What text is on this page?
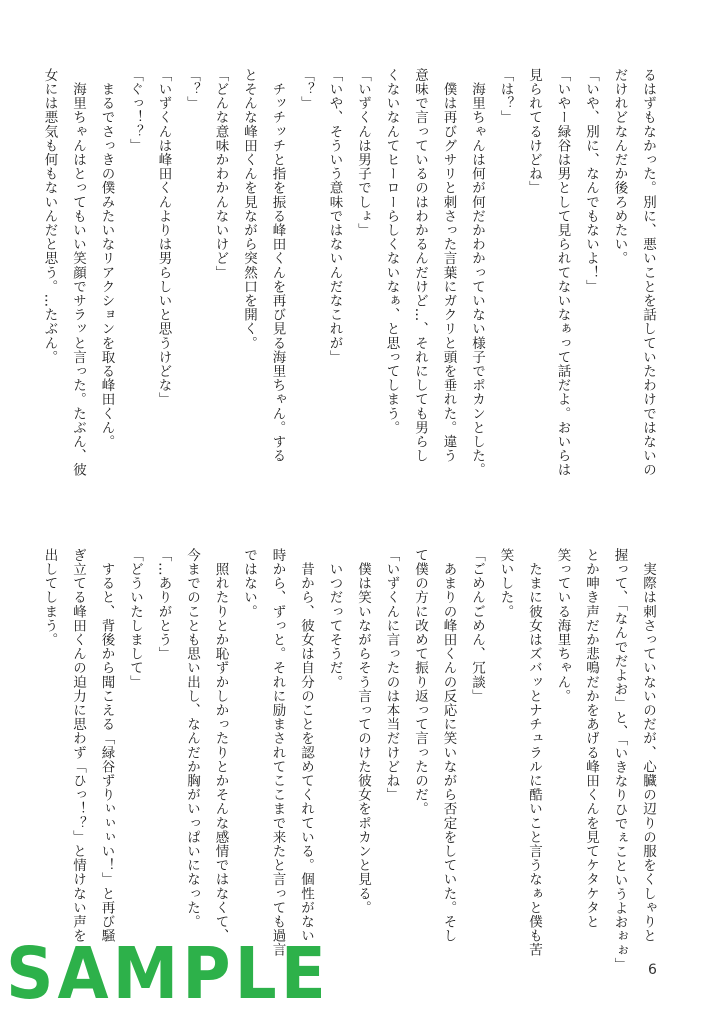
るはずもなかった。別に、悪いことを話していたわけではないの
だけれどなんだか後ろめたい。
「いや、別に、なんでもないよ！」
「いやー緑谷は男として見られてないなぁって話だよ。おいらは
見られてるけどね」
「は？」
　海里ちゃんは何が何だかわかっていない様子でポカンとした。
　僕は再びグサリと刺さった言葉にガクリと頭を垂れた。違う
意味で言っているのはわかるんだけど…、それにしても男らし
くないなんてヒーローらしくないなぁ、と思ってしまう。
「いずくんは男子でしょ」
「いや、そういう意味ではないんだなこれが」
「？」
　チッチッチと指を振る峰田くんを再び見る海里ちゃん。する
とそんな峰田くんを見ながら突然口を開く。
「どんな意味かわかんないけど」
「？」
「いずくんは峰田くんよりは男らしいと思うけどな」
「ぐっ！？」
　まるでさっきの僕みたいなリアクションを取る峰田くん。
　海里ちゃんはとってもいい笑顔でサラッと言った。たぶん、彼
女には悪気も何もないんだと思う。…たぶん。
　実際は刺さっていないのだが、心臓の辺りの服をくしゃりと
握って、「なんでだよお」と、「いきなりひでぇこというよおぉぉ」
とか呻き声だか悲鳴だかをあげる峰田くんを見てケタケタと
笑っている海里ちゃん。
　たまに彼女はズバッとナチュラルに酷いこと言うなぁと僕も苦
笑いした。
「ごめんごめん、冗談」
　あまりの峰田くんの反応に笑いながら否定をしていた。そし
て僕の方に改めて振り返って言ったのだ。
「いずくんに言ったのは本当だけどね」
　僕は笑いながらそう言ってのけた彼女をポカンと見る。
　いつだってそうだ。
　昔から、彼女は自分のことを認めてくれている。個性がない
時から、ずっと。それに励まされてここまで来たと言っても過言
ではない。
　照れたりとか恥ずかしかったりとかそんな感情ではなくて、
今までのことも思い出し、なんだか胸がいっぱいになった。
「…ありがとう」
「どういたしまして」
　すると、背後から聞こえる「緑谷ずりぃぃぃい！」と再び騒
ぎ立てる峰田くんの迫力に思わず「ひっ！？」と情けない声を
出してしまう。
6
SAMPLE
